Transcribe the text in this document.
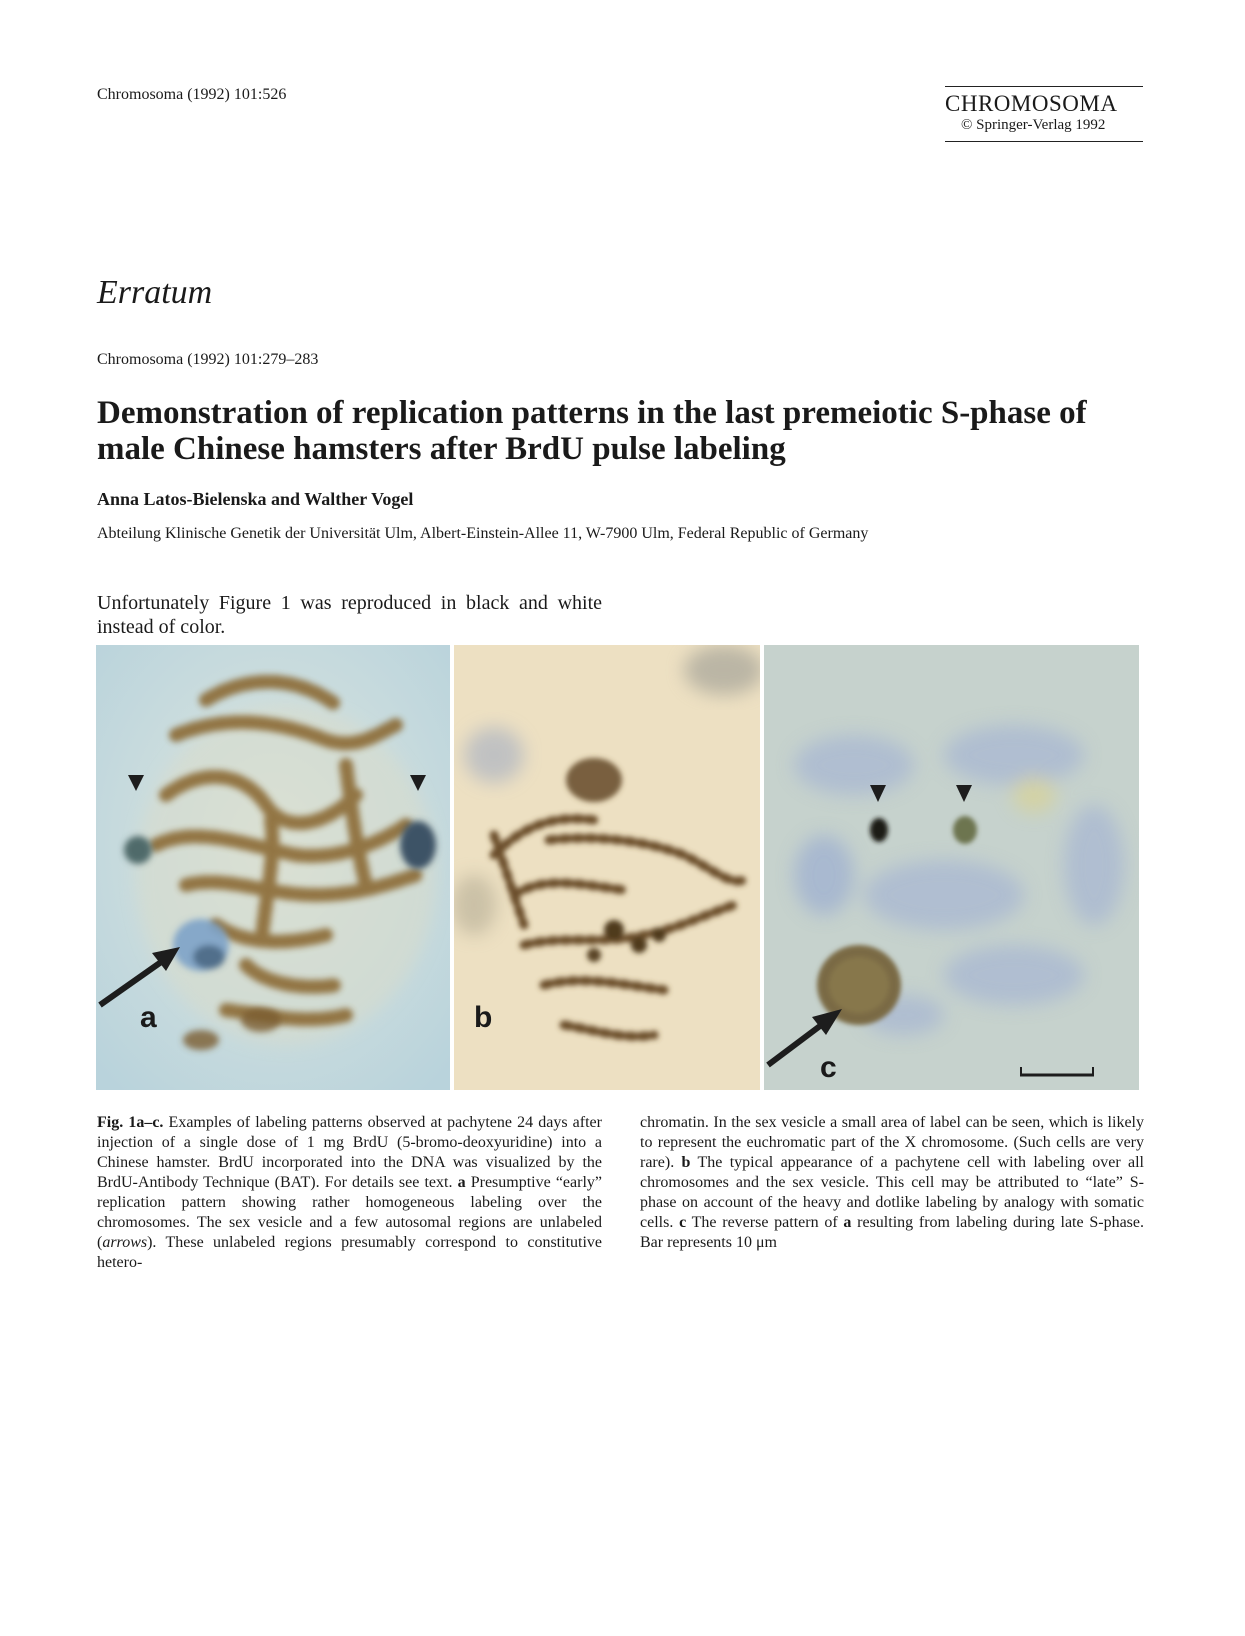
Chromosoma (1992) 101:526	CHROMOSOMA
© Springer-Verlag 1992
Erratum
Chromosoma (1992) 101:279–283
Demonstration of replication patterns in the last premeiotic S-phase of male Chinese hamsters after BrdU pulse labeling
Anna Latos-Bielenska and Walther Vogel
Abteilung Klinische Genetik der Universität Ulm, Albert-Einstein-Allee 11, W-7900 Ulm, Federal Republic of Germany
Unfortunately Figure 1 was reproduced in black and white instead of color.
a	b
c
Fig. 1a–c. Examples of labeling patterns observed at pachytene 24 days after injection of a single dose of 1 mg BrdU (5-bromo-deoxyuridine) into a Chinese hamster. BrdU incorporated into the DNA was visualized by the BrdU-Antibody Technique (BAT). For details see text. a Presumptive “early” replication pattern showing rather homogeneous labeling over the chromosomes. The sex vesicle and a few autosomal regions are unlabeled (arrows). These unlabeled regions presumably correspond to constitutive hetero-
chromatin. In the sex vesicle a small area of label can be seen, which is likely to represent the euchromatic part of the X chromosome. (Such cells are very rare). b The typical appearance of a pachytene cell with labeling over all chromosomes and the sex vesicle. This cell may be attributed to “late” S-phase on account of the heavy and dotlike labeling by analogy with somatic cells. c The reverse pattern of a resulting from labeling during late S-phase. Bar represents 10 μm
